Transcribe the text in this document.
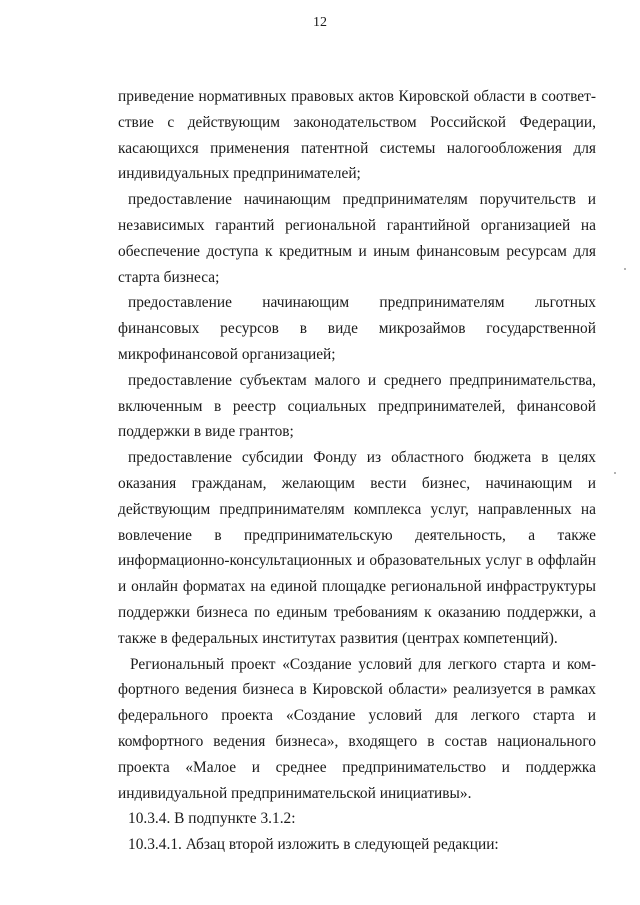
12

приведение нормативных правовых актов Кировской области в соответствие с действующим законодательством Российской Федерации, касающихся применения патентной системы налогообложения для индивидуальных предпринимателей;

предоставление начинающим предпринимателям поручительств и независимых гарантий региональной гарантийной организацией на обеспечение доступа к кредитным и иным финансовым ресурсам для старта бизнеса;

предоставление начинающим предпринимателям льготных финансовых ресурсов в виде микрозаймов государственной микрофинансовой организацией;

предоставление субъектам малого и среднего предпринимательства, включенным в реестр социальных предпринимателей, финансовой поддержки в виде грантов;

предоставление субсидии Фонду из областного бюджета в целях оказания гражданам, желающим вести бизнес, начинающим и действующим предпринимателям комплекса услуг, направленных на вовлечение в предпринимательскую деятельность, а также информационно-консультационных и образовательных услуг в оффлайн и онлайн форматах на единой площадке региональной инфраструктуры поддержки бизнеса по единым требованиям к оказанию поддержки, а также в федеральных институтах развития (центрах компетенций).

Региональный проект «Создание условий для легкого старта и комфортного ведения бизнеса в Кировской области» реализуется в рамках федерального проекта «Создание условий для легкого старта и комфортного ведения бизнеса», входящего в состав национального проекта «Малое и среднее предпринимательство и поддержка индивидуальной предпринимательской инициативы».

10.3.4. В подпункте 3.1.2:

10.3.4.1. Абзац второй изложить в следующей редакции:
